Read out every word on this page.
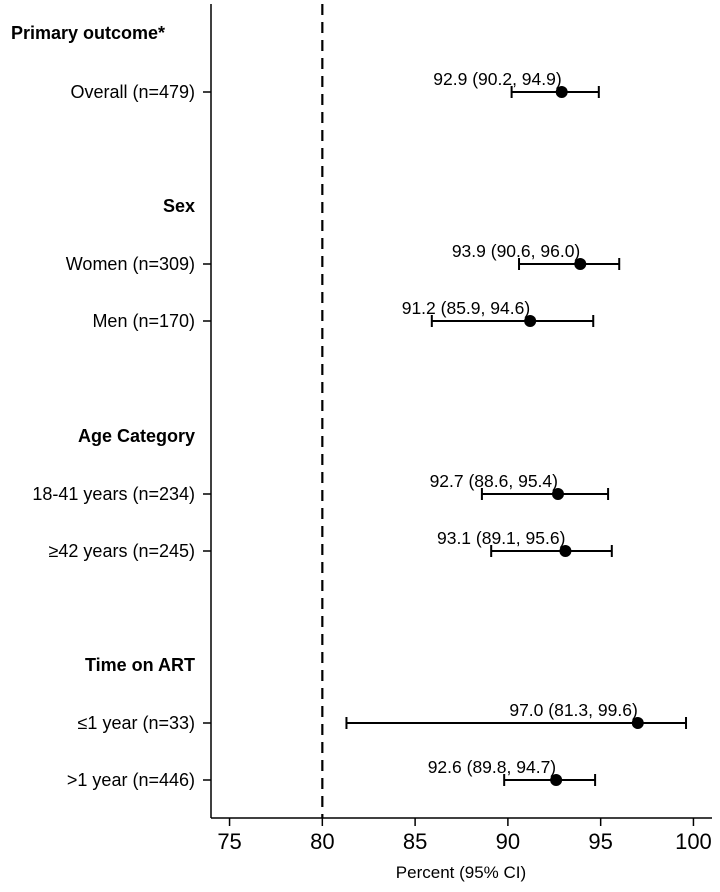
75	80	85	90	95	100
Primary outcome*
Overall (n=479)
92.9 (90.2, 94.9)
Sex
Women (n=309)
93.9 (90.6, 96.0)
Men (n=170)
91.2 (85.9, 94.6)
Age Category
18-41 years (n=234)
92.7 (88.6, 95.4)
≥42 years (n=245)
93.1 (89.1, 95.6)
Time on ART
≤1 year (n=33)
97.0 (81.3, 99.6)
>1 year (n=446)
92.6 (89.8, 94.7)
Percent (95% CI)
